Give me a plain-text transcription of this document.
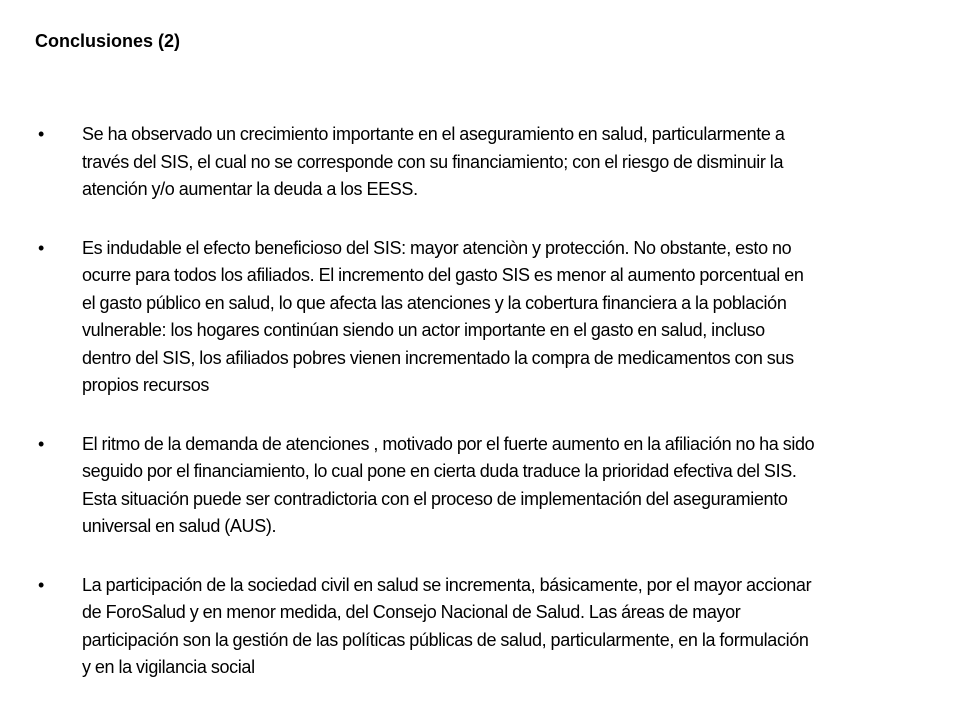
Conclusiones (2)
•	Se ha observado un crecimiento importante en el aseguramiento en salud, particularmente a
través del SIS, el cual no se corresponde con su financiamiento; con el riesgo de disminuir la
atención y/o aumentar la deuda a los EESS.
•	Es indudable el efecto beneficioso del SIS: mayor atenciòn y protección. No obstante, esto no
ocurre para todos los afiliados. El incremento del gasto SIS es menor al aumento porcentual en
el gasto público en salud, lo que afecta las atenciones y la cobertura financiera a la población
vulnerable: los hogares continúan siendo un actor importante en el gasto en salud, incluso
dentro del SIS, los afiliados pobres vienen incrementado la compra de medicamentos con sus
propios recursos
•	El ritmo de la demanda de atenciones , motivado por el fuerte aumento en la afiliación no ha sido
seguido por el financiamiento, lo cual pone en cierta duda traduce la prioridad efectiva del SIS.
Esta situación puede ser contradictoria con el proceso de implementación del aseguramiento
universal en salud (AUS).
•	La participación de la sociedad civil en salud se incrementa, básicamente, por el mayor accionar
de ForoSalud y en menor medida, del Consejo Nacional de Salud. Las áreas de mayor
participación son la gestión de las políticas públicas de salud, particularmente, en la formulación
y en la vigilancia social
